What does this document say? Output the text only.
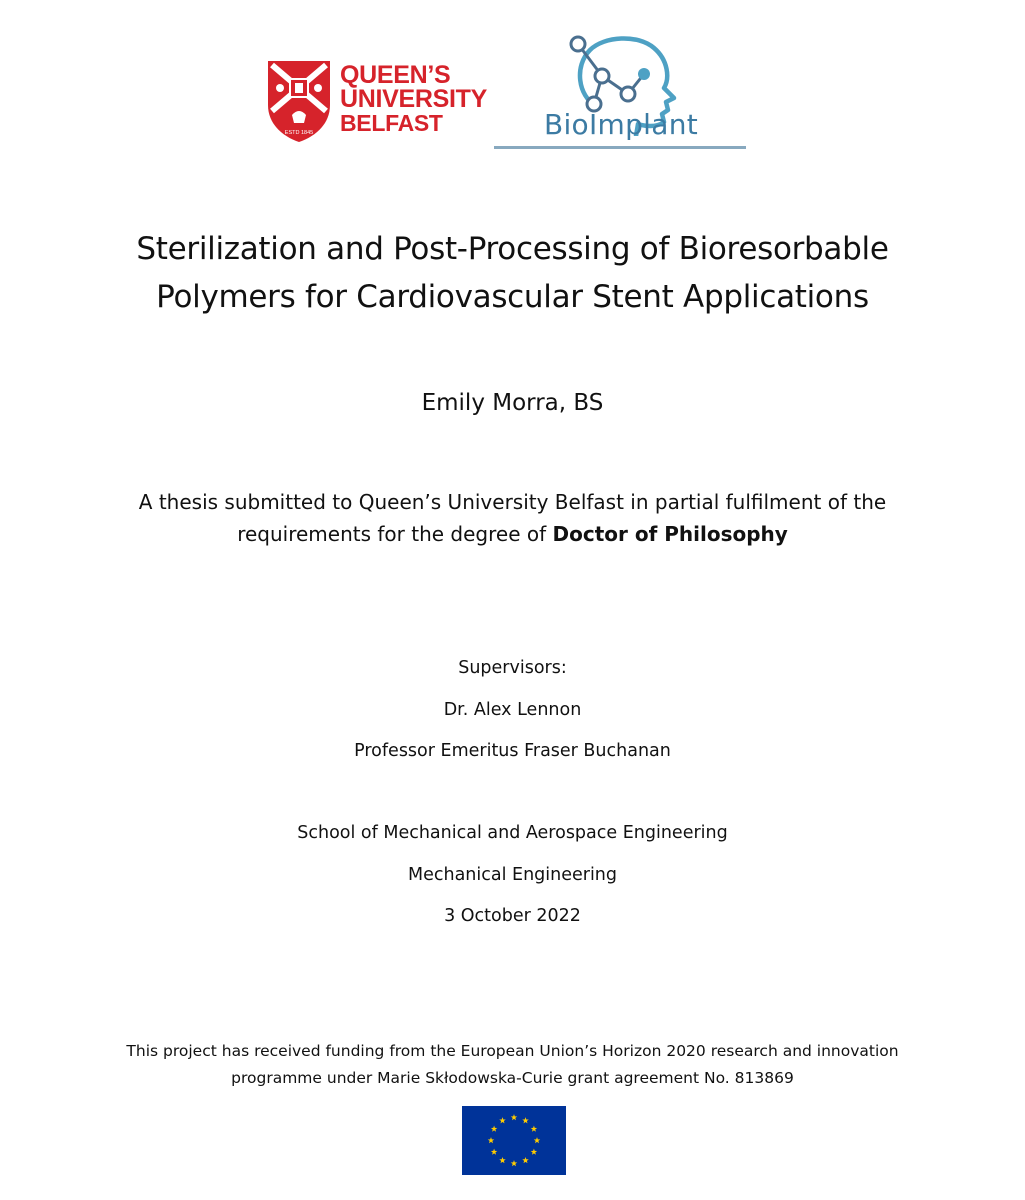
ESTD 1845
QUEEN’S
UNIVERSITY
BELFAST	BioImplant
Sterilization and Post-Processing of Bioresorbable
Polymers for Cardiovascular Stent Applications
Emily Morra, BS
A thesis submitted to Queen’s University Belfast in partial fulfilment of the
requirements for the degree of Doctor of Philosophy
Supervisors:
Dr. Alex Lennon
Professor Emeritus Fraser Buchanan
School of Mechanical and Aerospace Engineering
Mechanical Engineering
3 October 2022
This project has received funding from the European Union’s Horizon 2020 research and innovation
programme under Marie Skłodowska-Curie grant agreement No. 813869
